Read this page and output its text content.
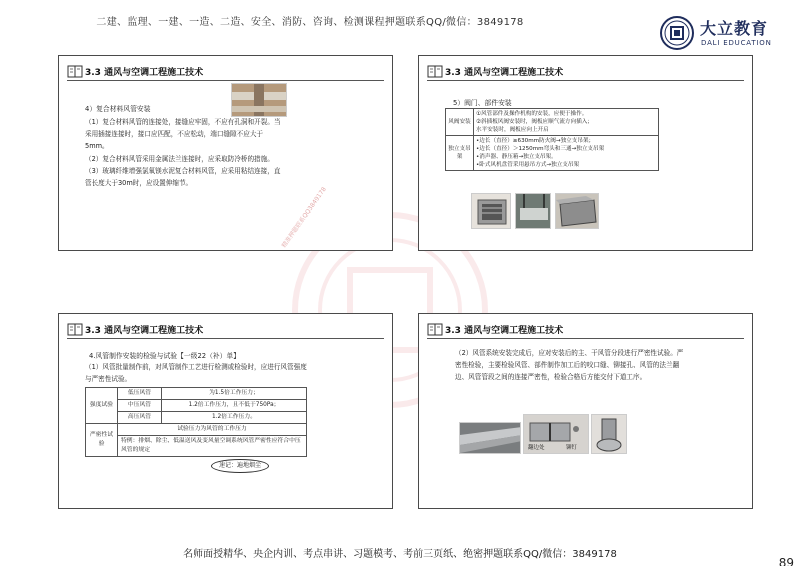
二建、监理、一建、一造、二造、安全、消防、咨询、检测课程押题联系QQ/微信：3849178	大立教育
DALI EDUCATION
3.3 通风与空调工程施工技术
4）复合材料风管安装

（1）复合材料风管的连接处，接缝应牢固，不应有孔洞和开裂。当采用插接连接时，接口应匹配，不应松动，端口缝隙不应大于5mm。

（2）复合材料风管采用金属法兰连接时，应采取防冷桥的措施。

（3）玻璃纤维增强氯氧镁水泥复合材料风管，应采用粘结连接，直管长度大于30m时，应设置伸缩节。

精准押题联系QQ3849178
3.3 通风与空调工程施工技术
5）阀门、部件安装
风阀安装	①风管部件及操作机构的安装，应便于操作。
②斜插板风阀安装时，阀板应顺气流方向插入；
水平安装时，阀板应向上开启

独立支吊架	•边长（直径）≥630mm防火阀→独立支吊架；
•边长（直径）＞1250mm弯头和三通→独立支吊架
•消声器、静压箱→独立支吊架。
•卧式风机盘管采用悬吊方式→独立支吊架
3.3 通风与空调工程施工技术
4.风管制作安装的检验与试验【一级22（补）单】
（1）风管批量制作前，对风管制作工艺进行检测或检验时，应进行风管强度与严密性试验。
强度试验	低压风管	为1.5倍工作压力；
	中压风管	1.2倍工作压力，且不低于750Pa；
	高压风管	1.2倍工作压力。
严密性试验	试验压力为风管的工作压力	
	特例：排烟、除尘、低温送风及变风量空调系统风管严密性应符合中压风管的规定	
速记：遍地烟尘
3.3 通风与空调工程施工技术
（2）风管系统安装完成后，应对安装后的主、干风管分段进行严密性试验。严密性检验，主要检验风管、部件制作加工后的咬口缝、铆接孔、风管的法兰翻边、风管管段之间的连接严密性，检验合格后方能交付下道工序。
翻边处	铆钉
名师面授精华、央企内训、考点串讲、习题模考、考前三页纸、绝密押题联系QQ/微信：3849178
89
